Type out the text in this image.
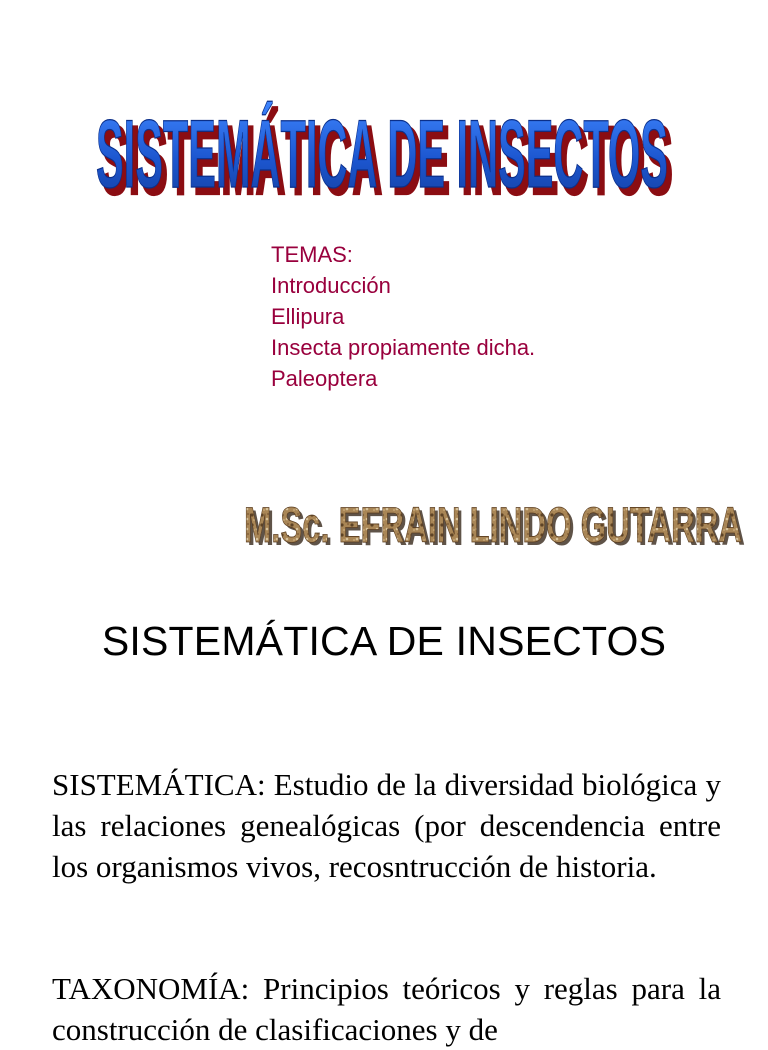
SISTEMÁTICA DE INSECTOS
SISTEMÁTICA DE INSECTOS
TEMAS:
Introducción
Ellipura
Insecta propiamente dicha.
Paleoptera
M.Sc. EFRAIN LINDO GUTARRA
M.Sc. EFRAIN LINDO GUTARRA
SISTEMÁTICA DE INSECTOS
SISTEMÁTICA: Estudio de la diversidad biológica y las relaciones genealógicas (por descendencia entre los organismos vivos, recosntrucción de historia.
TAXONOMÍA: Principios teóricos y reglas para la construcción de clasificaciones y de
